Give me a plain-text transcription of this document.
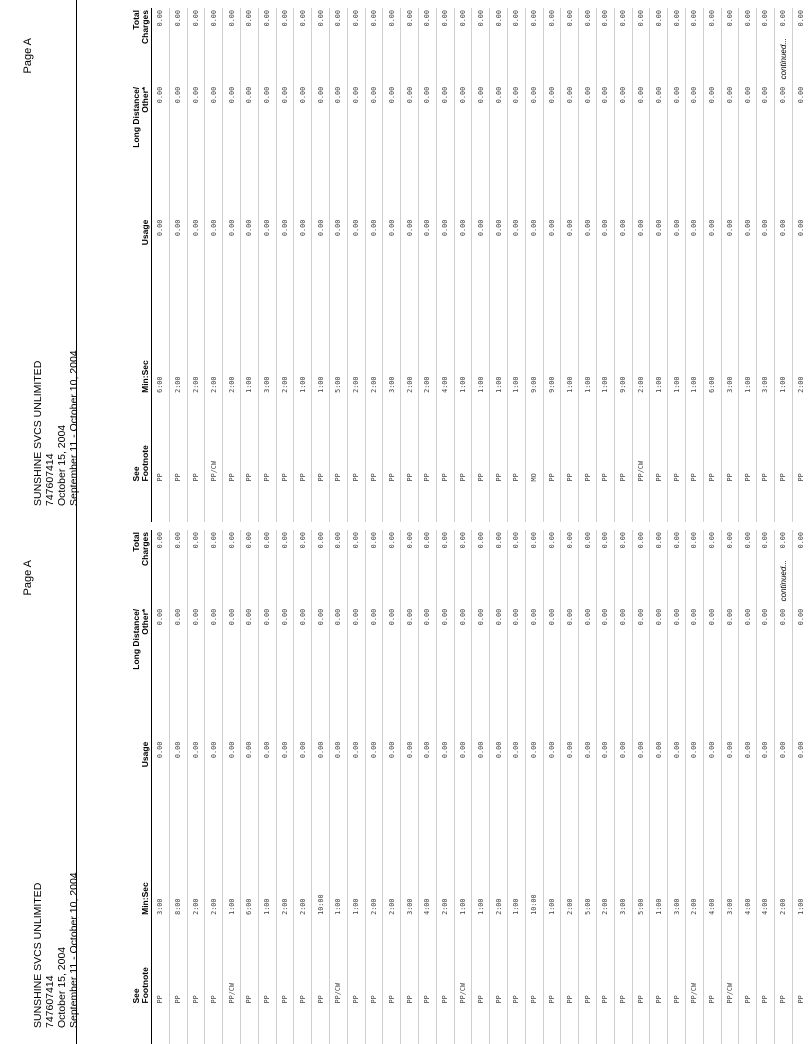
Page A
SUNSHINE SVCS UNLIMITED 747607414 October 15, 2004 September 11 - October 10, 2004
						See
Footnote	Min:Sec	Usage	Long Distance/
Other*	Total
Charges
					PP	6:00	0.00	0.00	0.00
					PP	2:00	0.00	0.00	0.00
					PP	2:00	0.00	0.00	0.00
					PP/CW	2:00	0.00	0.00	0.00
					PP	2:00	0.00	0.00	0.00
					PP	1:00	0.00	0.00	0.00
					PP	3:00	0.00	0.00	0.00
					PP	2:00	0.00	0.00	0.00
					PP	1:00	0.00	0.00	0.00
					PP	1:00	0.00	0.00	0.00
					PP	5:00	0.00	0.00	0.00
					PP	2:00	0.00	0.00	0.00
					PP	2:00	0.00	0.00	0.00
					PP	3:00	0.00	0.00	0.00
					PP	2:00	0.00	0.00	0.00
					PP	2:00	0.00	0.00	0.00
					PP	4:00	0.00	0.00	0.00
					PP	1:00	0.00	0.00	0.00
					PP	1:00	0.00	0.00	0.00
					PP	1:00	0.00	0.00	0.00
					PP	1:00	0.00	0.00	0.00
					MO	9:00	0.00	0.00	0.00
					PP	9:00	0.00	0.00	0.00
					PP	1:00	0.00	0.00	0.00
					PP	1:00	0.00	0.00	0.00
					PP	1:00	0.00	0.00	0.00
					PP	9:00	0.00	0.00	0.00
					PP/CW	2:00	0.00	0.00	0.00
					PP	1:00	0.00	0.00	0.00
					PP	1:00	0.00	0.00	0.00
					PP	1:00	0.00	0.00	0.00
					PP	6:00	0.00	0.00	0.00
					PP	3:00	0.00	0.00	0.00
					PP	1:00	0.00	0.00	0.00
					PP	3:00	0.00	0.00	0.00
					PP	1:00	0.00	0.00	0.00
					PP	2:00	0.00	0.00	0.00

continued...
Page A
SUNSHINE SVCS UNLIMITED 747607414 October 15, 2004 September 11 - October 10, 2004
						See
Footnote	Min:Sec	Usage	Long Distance/
Other*	Total
Charges
					PP	3:00	0.00	0.00	0.00
					PP	8:00	0.00	0.00	0.00
					PP	2:00	0.00	0.00	0.00
					PP	2:00	0.00	0.00	0.00
					PP/CW	1:00	0.00	0.00	0.00
					PP	6:00	0.00	0.00	0.00
					PP	1:00	0.00	0.00	0.00
					PP	2:00	0.00	0.00	0.00
					PP	2:00	0.00	0.00	0.00
					PP	10:00	0.00	0.00	0.00
					PP/CW	1:00	0.00	0.00	0.00
					PP	1:00	0.00	0.00	0.00
					PP	2:00	0.00	0.00	0.00
					PP	2:00	0.00	0.00	0.00
					PP	3:00	0.00	0.00	0.00
					PP	4:00	0.00	0.00	0.00
					PP	2:00	0.00	0.00	0.00
					PP/CW	1:00	0.00	0.00	0.00
					PP	1:00	0.00	0.00	0.00
					PP	2:00	0.00	0.00	0.00
					PP	1:00	0.00	0.00	0.00
					PP	10:00	0.00	0.00	0.00
					PP	1:00	0.00	0.00	0.00
					PP	2:00	0.00	0.00	0.00
					PP	5:00	0.00	0.00	0.00
					PP	2:00	0.00	0.00	0.00
					PP	3:00	0.00	0.00	0.00
					PP	5:00	0.00	0.00	0.00
					PP	1:00	0.00	0.00	0.00
					PP	3:00	0.00	0.00	0.00
					PP/CW	2:00	0.00	0.00	0.00
					PP	4:00	0.00	0.00	0.00
					PP/CW	3:00	0.00	0.00	0.00
					PP	4:00	0.00	0.00	0.00
					PP	4:00	0.00	0.00	0.00
					PP	2:00	0.00	0.00	0.00
					PP	1:00	0.00	0.00	0.00

continued...
